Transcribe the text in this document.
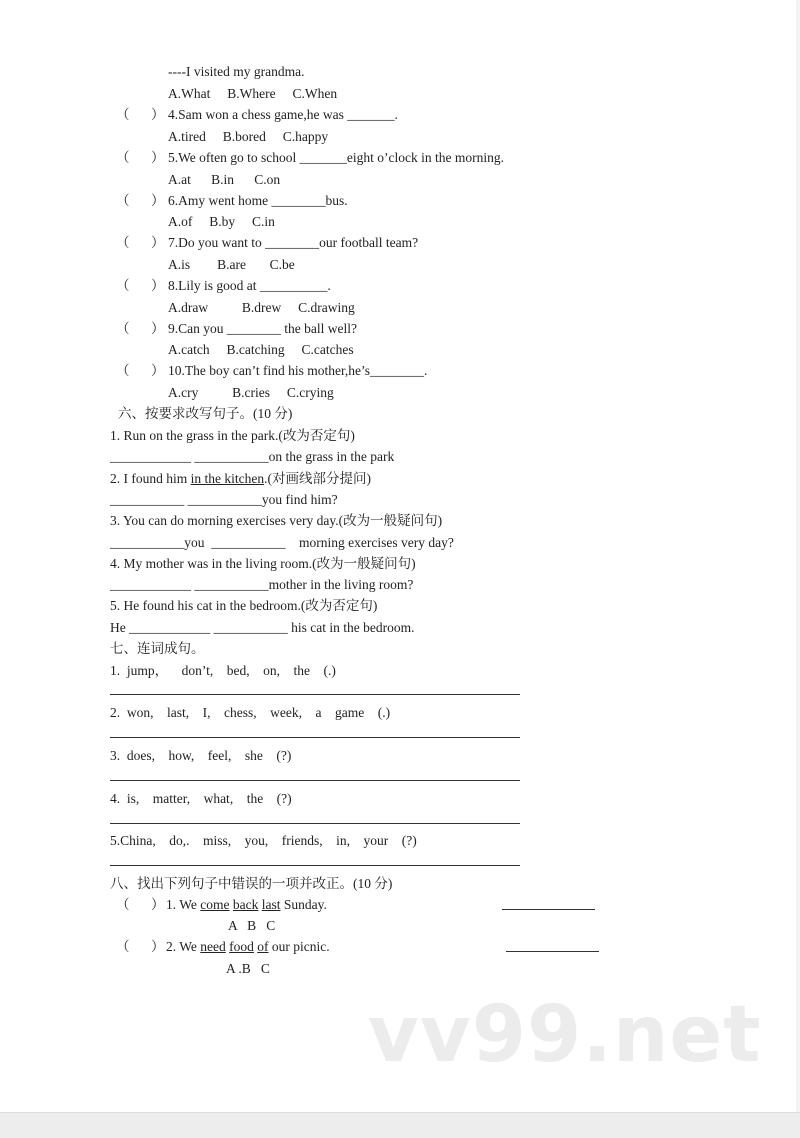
----I visited my grandma.
A.What B.Where C.When
（ ） 4.Sam won a chess game,he was _______.
A.tired B.bored C.happy
（ ） 5.We often go to school _______eight o’clock in the morning.
A.at B.in C.on
（ ） 6.Amy went home ________bus.
A.of B.by C.in
（ ） 7.Do you want to ________our football team?
A.is B.are C.be
（ ） 8.Lily is good at __________.
A.draw	B.drew C.drawing
（ ） 9.Can you ________ the ball well?
A.catch B.catching C.catches
（ ） 10.The boy can’t find his mother,he’s________.
A.cry	B.cries C.crying
六、按要求改写句子。(10 分)
1. Run on the grass in the park.(改为否定句)
____________ ___________on the grass in the park
2. I found him in the kitchen.(对画线部分提问)
___________ ___________you find him?
3. You can do morning exercises very day.(改为一般疑问句)
___________you  ___________    morning exercises very day?
4. My mother was in the living room.(改为一般疑问句)
____________ ___________mother in the living room?
5. He found his cat in the bedroom.(改为否定句)
He ____________ ___________ his cat in the bedroom.
七、连词成句。
1.  jump，    don’t,    bed,    on,    the    (.)
2.  won,    last,    I,    chess,    week,    a    game    (.)
3.  does,    how,    feel,    she    (?)
4.  is,    matter,    what,    the    (?)
5.China,    do,.    miss,    you,    friends,    in,    your    (?)
八、找出下列句子中错误的一项并改正。(10 分)
（ ） 1. We come back last Sunday.
A   B   C
（ ） 2. We need food of our picnic.
A .B   C
vv99.net
